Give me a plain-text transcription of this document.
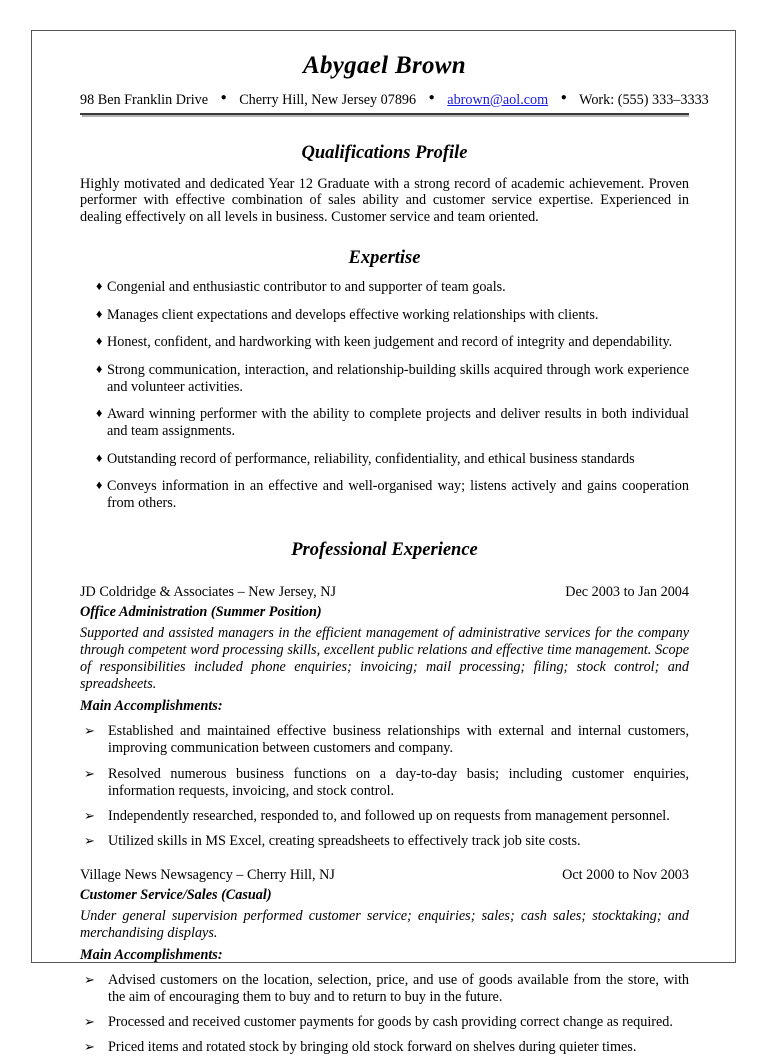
Abygael Brown
98 Ben Franklin Drive ● Cherry Hill, New Jersey 07896 ● abrown@aol.com ● Work: (555) 333–3333
Qualifications Profile
Highly motivated and dedicated Year 12 Graduate with a strong record of academic achievement. Proven performer with effective combination of sales ability and customer service expertise. Experienced in dealing effectively on all levels in business. Customer service and team oriented.
Expertise
♦ Congenial and enthusiastic contributor to and supporter of team goals.
♦ Manages client expectations and develops effective working relationships with clients.
♦ Honest, confident, and hardworking with keen judgement and record of integrity and dependability.
♦ Strong communication, interaction, and relationship-building skills acquired through work experience and volunteer activities.
♦ Award winning performer with the ability to complete projects and deliver results in both individual and team assignments.
♦ Outstanding record of performance, reliability, confidentiality, and ethical business standards
♦ Conveys information in an effective and well-organised way; listens actively and gains cooperation from others.
Professional Experience
JD Coldridge & Associates – New Jersey, NJ	Dec 2003 to Jan 2004
Office Administration (Summer Position)
Supported and assisted managers in the efficient management of administrative services for the company through competent word processing skills, excellent public relations and effective time management. Scope of responsibilities included phone enquiries; invoicing; mail processing; filing; stock control; and spreadsheets.
Main Accomplishments:
➢ Established and maintained effective business relationships with external and internal customers, improving communication between customers and company.
➢ Resolved numerous business functions on a day-to-day basis; including customer enquiries, information requests, invoicing, and stock control.
➢ Independently researched, responded to, and followed up on requests from management personnel.
➢ Utilized skills in MS Excel, creating spreadsheets to effectively track job site costs.
Village News Newsagency – Cherry Hill, NJ	Oct 2000 to Nov 2003
Customer Service/Sales (Casual)
Under general supervision performed customer service; enquiries; sales; cash sales; stocktaking; and merchandising displays.
Main Accomplishments:
➢ Advised customers on the location, selection, price, and use of goods available from the store, with the aim of encouraging them to buy and to return to buy in the future.
➢ Processed and received customer payments for goods by cash providing correct change as required.
➢ Priced items and rotated stock by bringing old stock forward on shelves during quieter times.
